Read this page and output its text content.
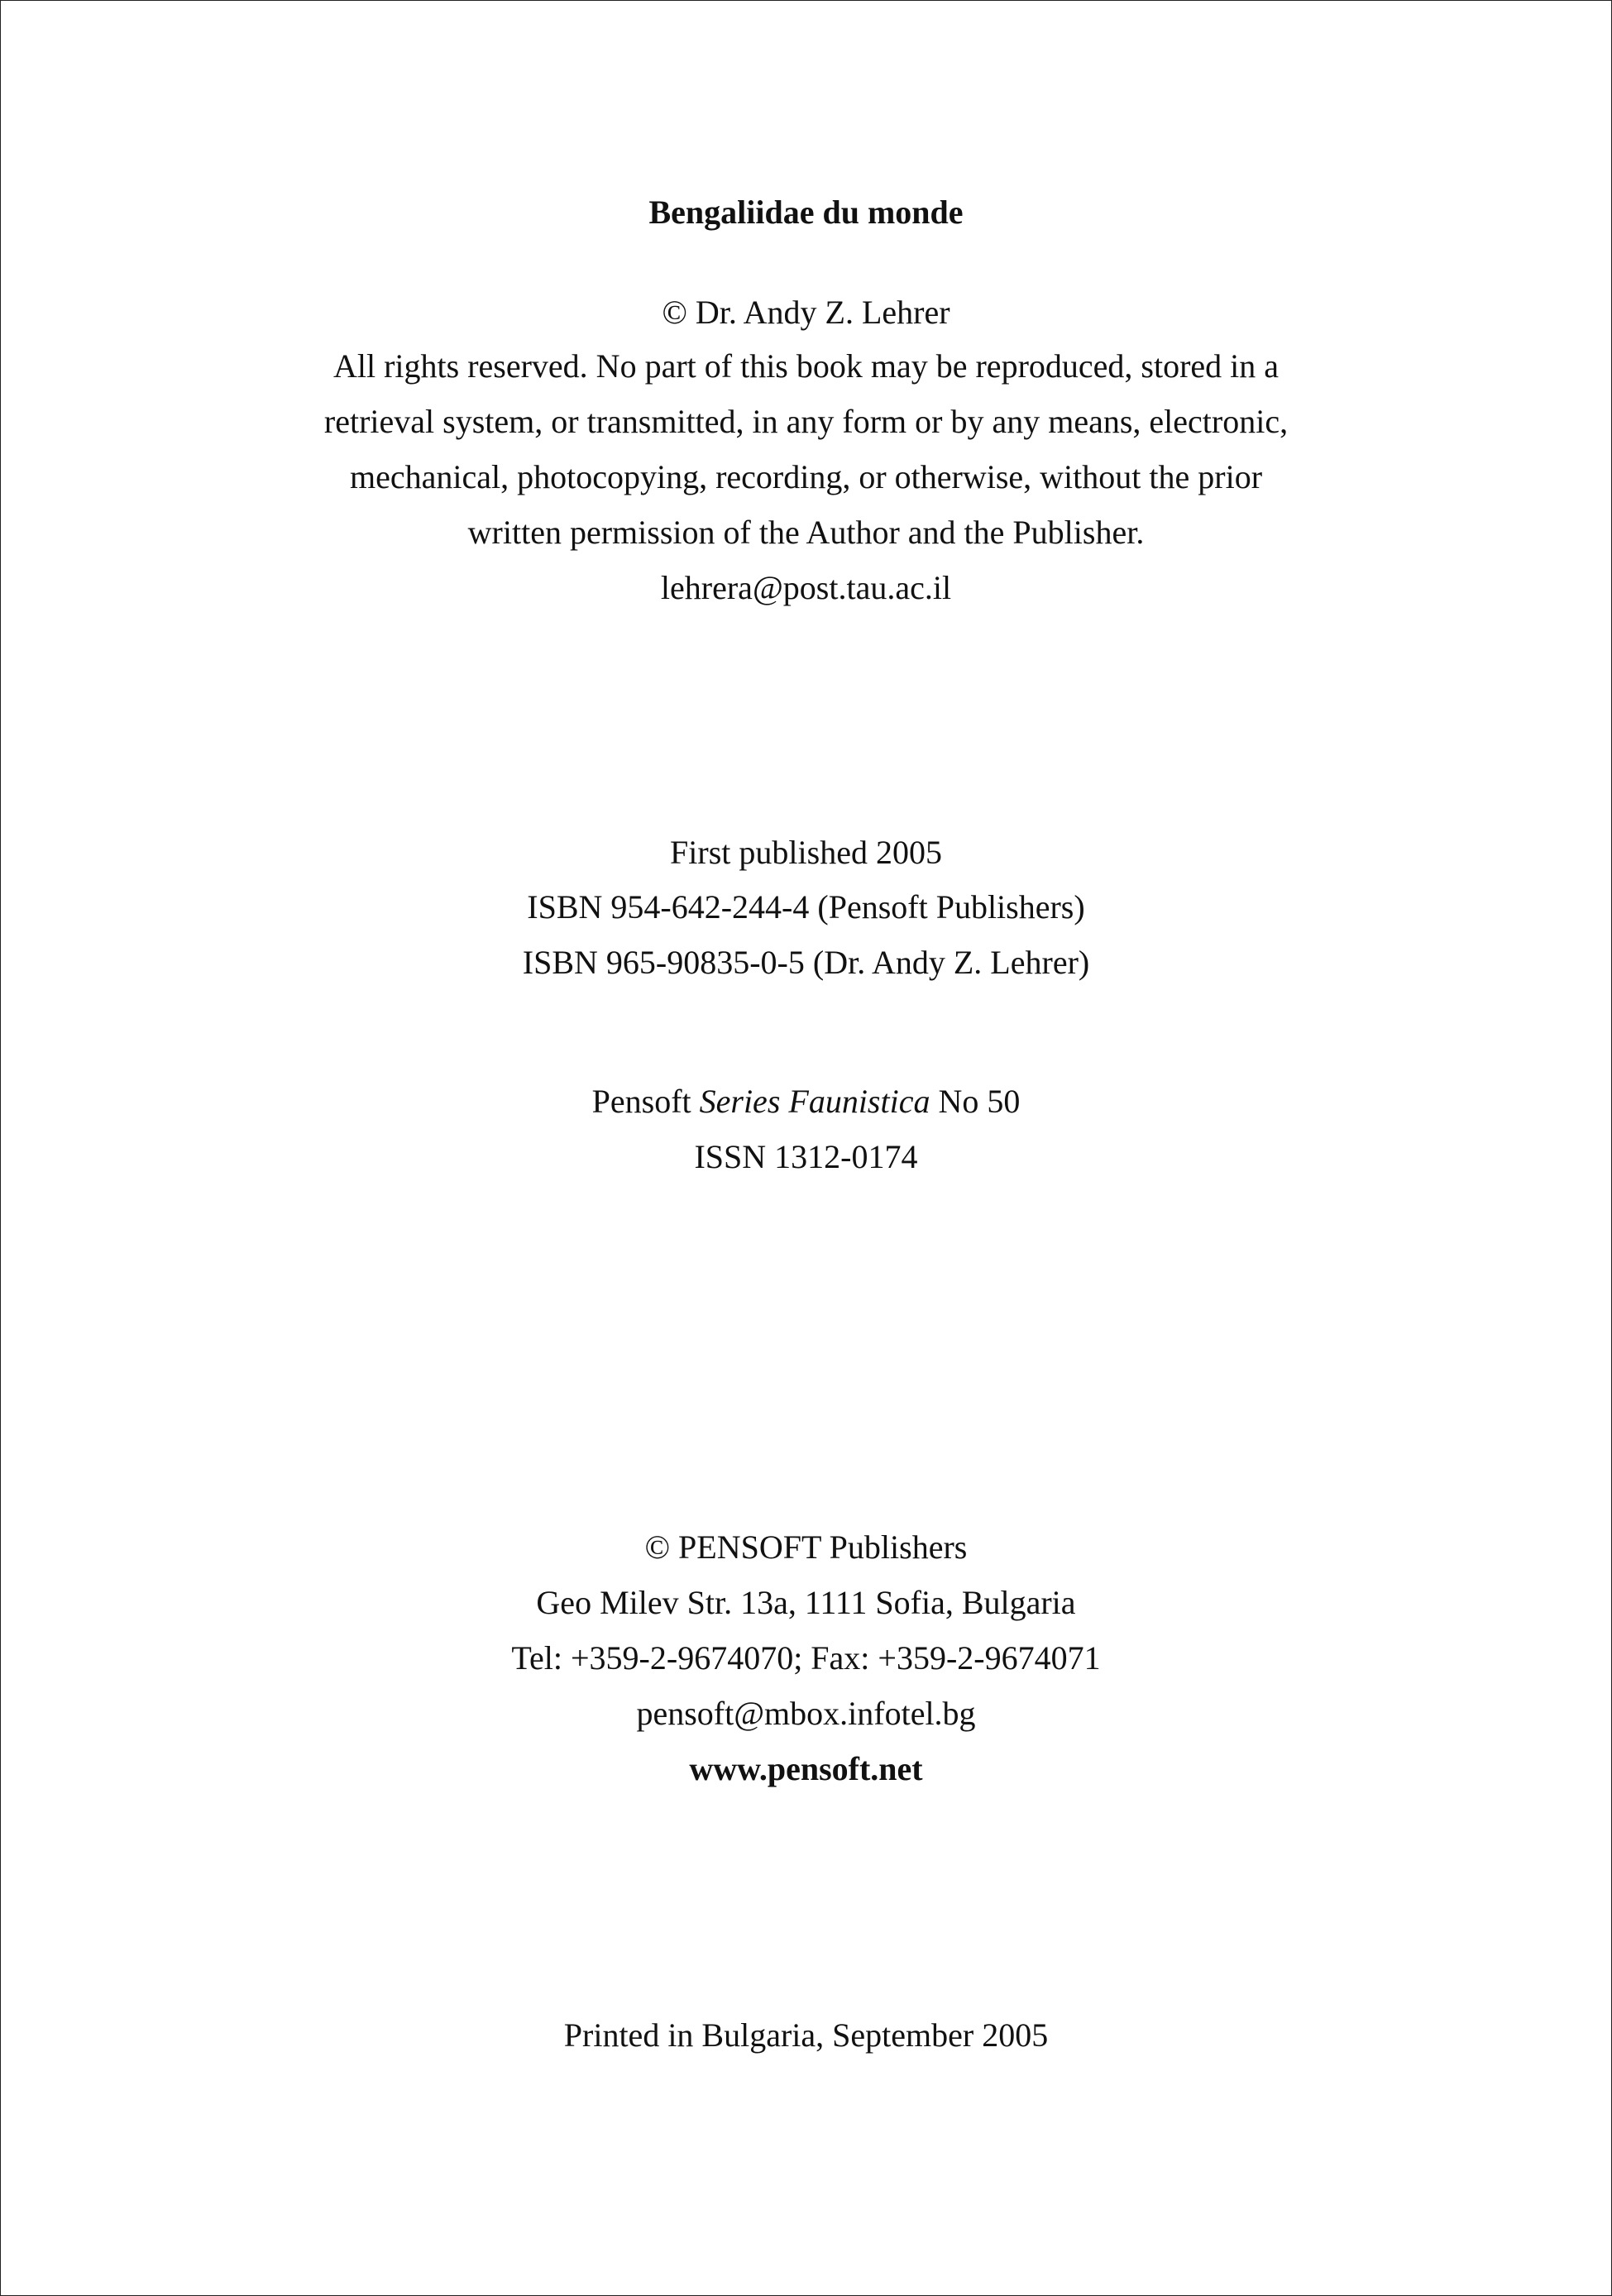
Bengaliidae du monde
© Dr. Andy Z. Lehrer
All rights reserved. No part of this book may be reproduced, stored in a
retrieval system, or transmitted, in any form or by any means, electronic,
mechanical, photocopying, recording, or otherwise, without the prior
written permission of the Author and the Publisher.
lehrera@post.tau.ac.il
First published 2005
ISBN 954-642-244-4 (Pensoft Publishers)
ISBN 965-90835-0-5 (Dr. Andy Z. Lehrer)
Pensoft Series Faunistica No 50
ISSN 1312-0174
© PENSOFT Publishers
Geo Milev Str. 13a, 1111 Sofia, Bulgaria
Tel: +359-2-9674070; Fax: +359-2-9674071
pensoft@mbox.infotel.bg
www.pensoft.net
Printed in Bulgaria, September 2005
